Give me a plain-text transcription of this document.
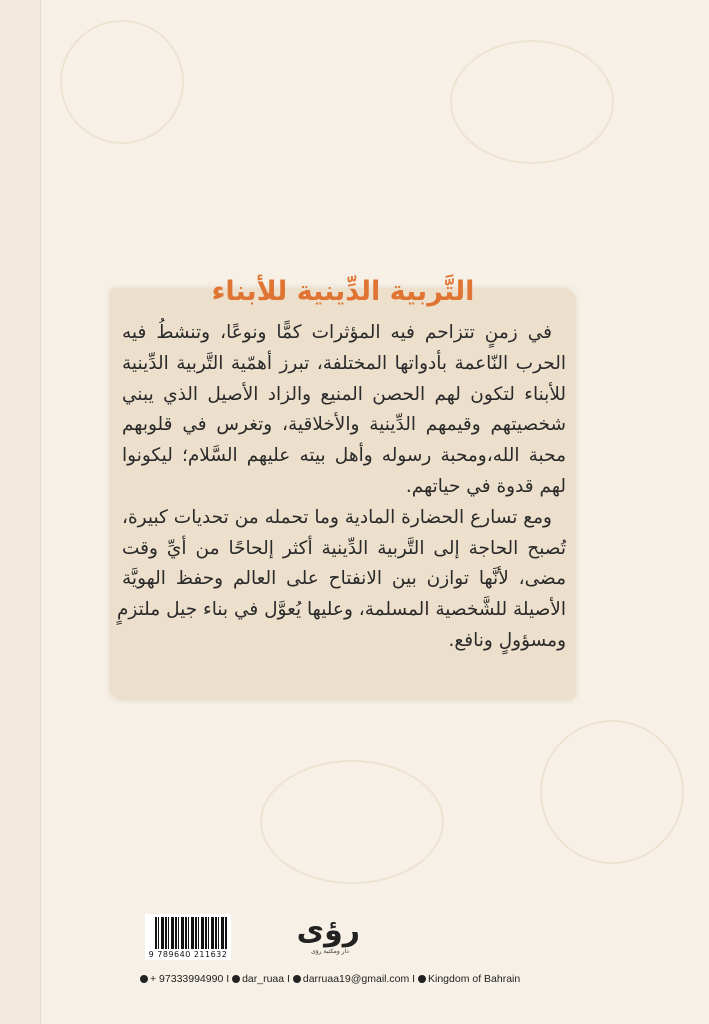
التَّربية الدِّينية للأبناء
في زمنٍ تتزاحم فيه المؤثرات كمًّا ونوعًا، وتنشطُ فيه
الحرب النّاعمة بأدواتها المختلفة، تبرز أهمّية التَّربية الدِّينية
للأبناء لتكون لهم الحصن المنيع والزاد الأصيل الذي يبني
شخصيتهم وقيمهم الدِّينية والأخلاقية، وتغرس في قلوبهم
محبة الله،ومحبة رسوله وأهل بيته عليهم السَّلام؛ ليكونوا
لهم قدوة في حياتهم.
ومع تسارع الحضارة المادية وما تحمله من تحديات كبيرة،
تُصبح الحاجة إلى التَّربية الدِّينية أكثر إلحاحًا من أيِّ وقت
مضى، لأنَّها توازن بين الانفتاح على العالم وحفظ الهويَّة
الأصيلة للشَّخصية المسلمة، وعليها يُعوَّل في بناء جيل ملتزمٍ
ومسؤولٍ ونافع.
9 789640 211632
رؤى
دار ومكتبة رؤى
+ 97333994990 I dar_ruaa I darruaa19@gmail.com I Kingdom of Bahrain
